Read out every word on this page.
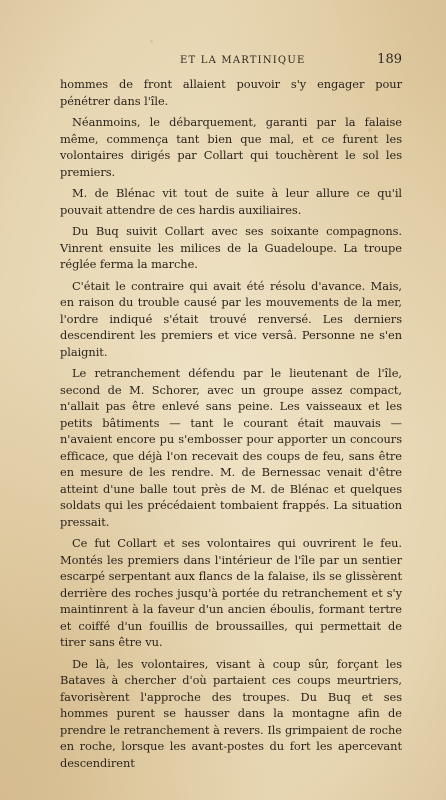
ET LA MARTINIQUE	189

hommes de front allaient pouvoir s'y engager pour pénétrer dans l'île.

Néanmoins, le débarquement, garanti par la falaise même, commença tant bien que mal, et ce furent les volontaires dirigés par Collart qui touchèrent le sol les premiers.

M. de Blénac vit tout de suite à leur allure ce qu'il pouvait attendre de ces hardis auxiliaires.

Du Buq suivit Collart avec ses soixante compagnons. Vinrent ensuite les milices de la Guadeloupe. La troupe réglée ferma la marche.

C'était le contraire qui avait été résolu d'avance. Mais, en raison du trouble causé par les mouvements de la mer, l'ordre indiqué s'était trouvé renversé. Les derniers descendirent les premiers et vice versâ. Personne ne s'en plaignit.

Le retranchement défendu par le lieutenant de l'île, second de M. Schorer, avec un groupe assez compact, n'allait pas être enlevé sans peine. Les vaisseaux et les petits bâtiments — tant le courant était mauvais — n'avaient encore pu s'embosser pour apporter un concours efficace, que déjà l'on recevait des coups de feu, sans être en mesure de les rendre. M. de Bernessac venait d'être atteint d'une balle tout près de M. de Blénac et quelques soldats qui les précédaient tombaient frappés. La situation pressait.

Ce fut Collart et ses volontaires qui ouvrirent le feu. Montés les premiers dans l'intérieur de l'île par un sentier escarpé serpentant aux flancs de la falaise, ils se glissèrent derrière des roches jusqu'à portée du retranchement et s'y maintinrent à la faveur d'un ancien éboulis, formant tertre et coiffé d'un fouillis de broussailles, qui permettait de tirer sans être vu.

De là, les volontaires, visant à coup sûr, forçant les Bataves à chercher d'où partaient ces coups meurtriers, favorisèrent l'approche des troupes. Du Buq et ses hommes purent se hausser dans la montagne afin de prendre le retranchement à revers. Ils grimpaient de roche en roche, lorsque les avant-postes du fort les apercevant descendirent
